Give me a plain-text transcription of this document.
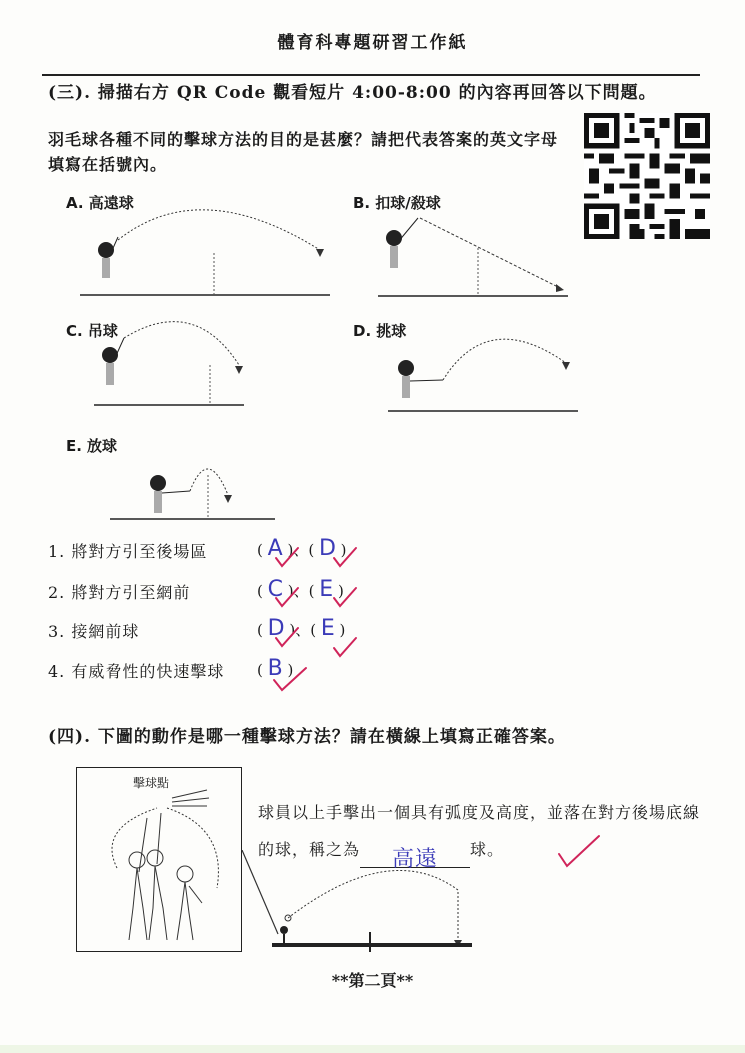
體育科專題研習工作紙
(三). 掃描右方 QR Code 觀看短片 4:00-8:00 的內容再回答以下問題。
羽毛球各種不同的擊球方法的目的是甚麼？請把代表答案的英文字母填寫在括號內。
A. 高遠球	B. 扣球/殺球
C. 吊球	D. 挑球
E. 放球
1. 將對方引至後場區
2. 將對方引至網前
3. 接網前球
4. 有威脅性的快速擊球
( A )、( D )
( C )、( E )
( D )、( E )
( B )
(四). 下圖的動作是哪一種擊球方法？請在橫線上填寫正確答案。
擊球點
球員以上手擊出一個具有弧度及高度，並落在對方後場底線的球，稱之為 高遠 球。
**第二頁**
